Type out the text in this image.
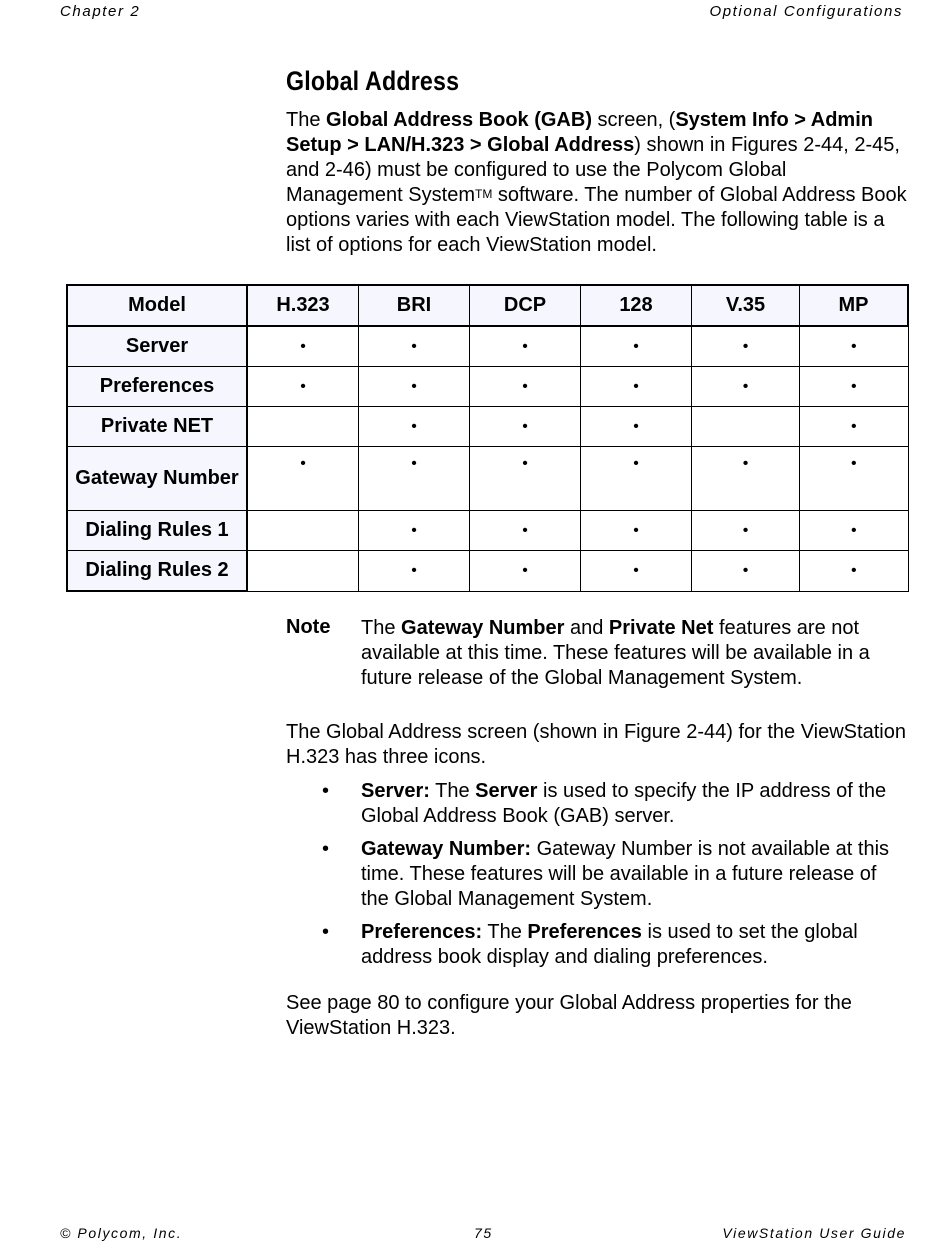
Chapter 2	Optional Configurations
Global Address
The Global Address Book (GAB) screen, (System Info > Admin Setup > LAN/H.323 > Global Address) shown in Figures 2-44, 2-45, and 2-46) must be configured to use the Polycom Global Management System™ software. The number of Global Address Book options varies with each ViewStation model. The following table is a list of options for each ViewStation model.
Model	H.323	BRI	DCP	128	V.35	MP
Server	•	•	•	•	•	•
Preferences	•	•	•	•	•	•
Private NET		•	•	•		•
Gateway Number	•	•	•	•	•	•
Dialing Rules 1		•	•	•	•	•
Dialing Rules 2		•	•	•	•	•
Note The Gateway Number and Private Net features are not available at this time. These features will be available in a future release of the Global Management System.
The Global Address screen (shown in Figure 2-44) for the ViewStation H.323 has three icons.
• Server: The Server is used to specify the IP address of the Global Address Book (GAB) server.
• Gateway Number: Gateway Number is not available at this time. These features will be available in a future release of the Global Management System.
• Preferences: The Preferences is used to set the global address book display and dialing preferences.
See page 80 to configure your Global Address properties for the ViewStation H.323.
© Polycom, Inc.	75	ViewStation User Guide
